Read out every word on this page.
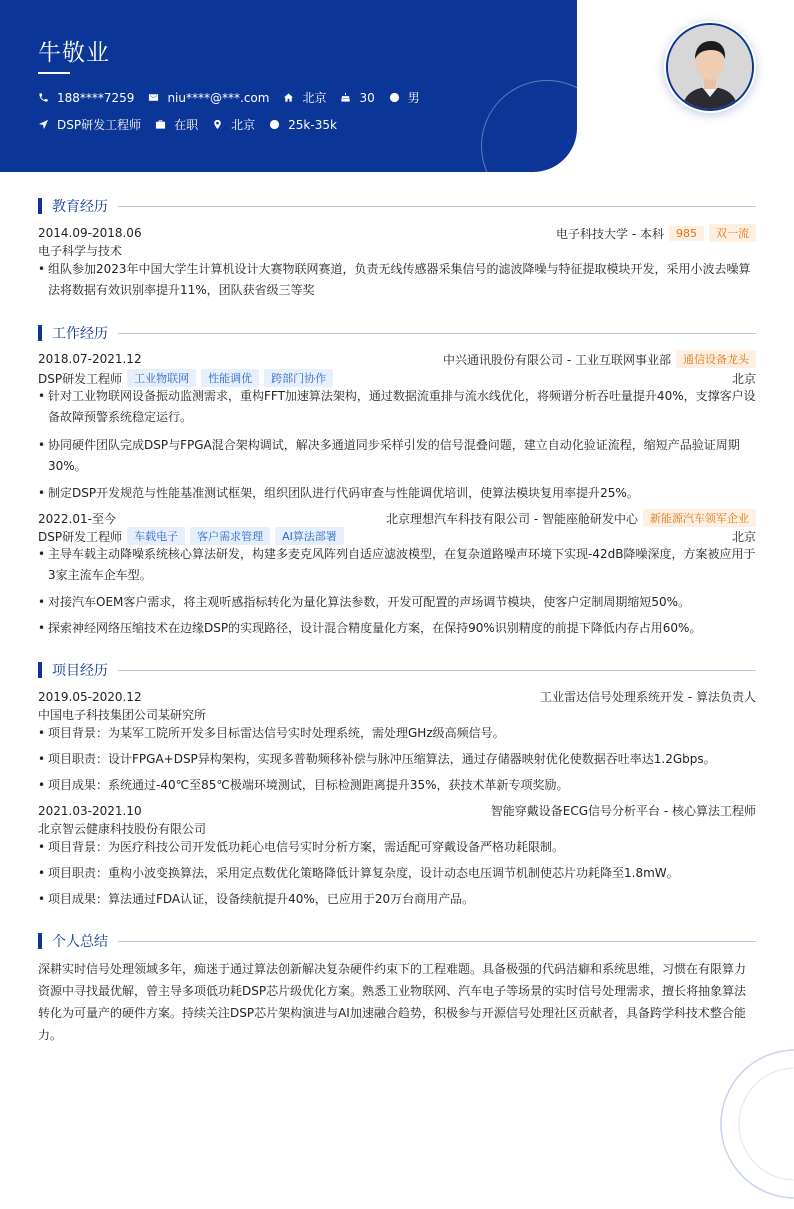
牛敬业
188****7259	niu****@***.com	北京	30	男
DSP研发工程师	在职	北京	25k-35k
教育经历
2014.09-2018.06	电子科技大学 - 本科	985	双一流
电子科学与技术
• 组队参加2023年中国大学生计算机设计大赛物联网赛道，负责无线传感器采集信号的滤波降噪与特征提取模块开发，采用小波去噪算
法将数据有效识别率提升11%，团队获省级三等奖
工作经历
2018.07-2021.12	中兴通讯股份有限公司 - 工业互联网事业部	通信设备龙头
DSP研发工程师	工业物联网	性能调优	跨部门协作	北京
• 针对工业物联网设备振动监测需求，重构FFT加速算法架构，通过数据流重排与流水线优化，将频谱分析吞吐量提升40%，支撑客户设
备故障预警系统稳定运行。
• 协同硬件团队完成DSP与FPGA混合架构调试，解决多通道同步采样引发的信号混叠问题，建立自动化验证流程，缩短产品验证周期
30%。
• 制定DSP开发规范与性能基准测试框架，组织团队进行代码审查与性能调优培训，使算法模块复用率提升25%。
2022.01-至今	北京理想汽车科技有限公司 - 智能座舱研发中心	新能源汽车领军企业
DSP研发工程师	车载电子	客户需求管理	AI算法部署	北京
• 主导车载主动降噪系统核心算法研发，构建多麦克风阵列自适应滤波模型，在复杂道路噪声环境下实现-42dB降噪深度，方案被应用于
3家主流车企车型。
• 对接汽车OEM客户需求，将主观听感指标转化为量化算法参数，开发可配置的声场调节模块，使客户定制周期缩短50%。
• 探索神经网络压缩技术在边缘DSP的实现路径，设计混合精度量化方案，在保持90%识别精度的前提下降低内存占用60%。
项目经历
2019.05-2020.12	工业雷达信号处理系统开发 - 算法负责人
中国电子科技集团公司某研究所
• 项目背景：为某军工院所开发多目标雷达信号实时处理系统，需处理GHz级高频信号。
• 项目职责：设计FPGA+DSP异构架构，实现多普勒频移补偿与脉冲压缩算法，通过存储器映射优化使数据吞吐率达1.2Gbps。
• 项目成果：系统通过-40℃至85℃极端环境测试，目标检测距离提升35%，获技术革新专项奖励。
2021.03-2021.10	智能穿戴设备ECG信号分析平台 - 核心算法工程师
北京智云健康科技股份有限公司
• 项目背景：为医疗科技公司开发低功耗心电信号实时分析方案，需适配可穿戴设备严格功耗限制。
• 项目职责：重构小波变换算法，采用定点数优化策略降低计算复杂度，设计动态电压调节机制使芯片功耗降至1.8mW。
• 项目成果：算法通过FDA认证，设备续航提升40%，已应用于20万台商用产品。
个人总结
深耕实时信号处理领域多年，痴迷于通过算法创新解决复杂硬件约束下的工程难题。具备极强的代码洁癖和系统思维，习惯在有限算力
资源中寻找最优解，曾主导多项低功耗DSP芯片级优化方案。熟悉工业物联网、汽车电子等场景的实时信号处理需求，擅长将抽象算法
转化为可量产的硬件方案。持续关注DSP芯片架构演进与AI加速融合趋势，积极参与开源信号处理社区贡献者，具备跨学科技术整合能
力。
